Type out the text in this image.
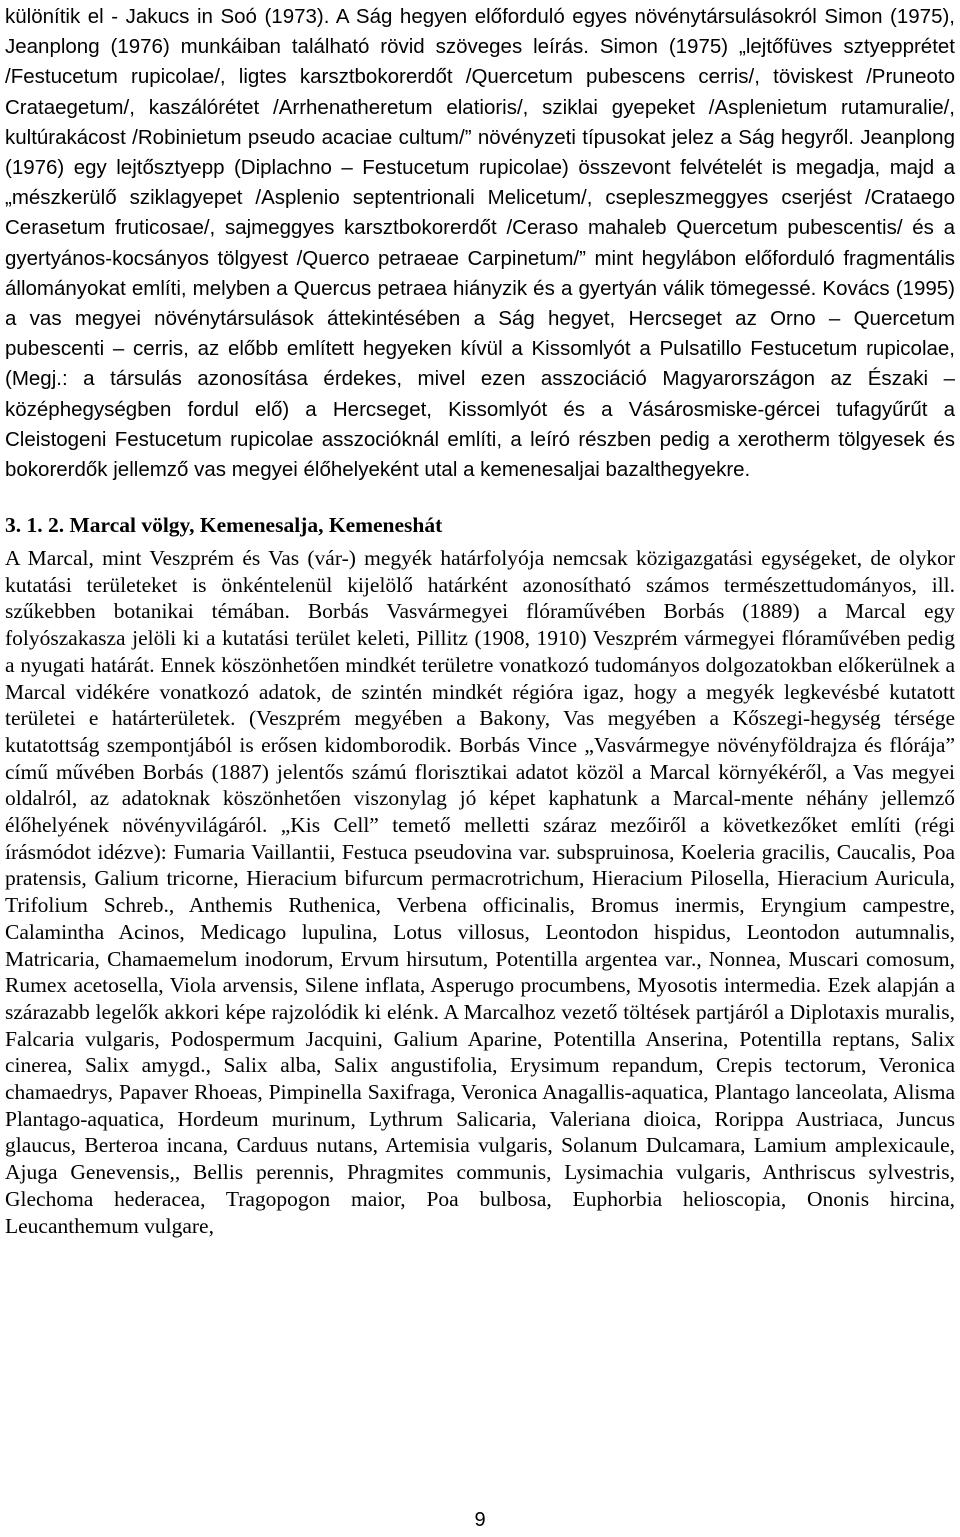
különítik el - Jakucs in Soó (1973). A Ság hegyen előforduló egyes növénytársulásokról Simon (1975), Jeanplong (1976) munkáiban található rövid szöveges leírás. Simon (1975) „lejtőfüves sztyepprétet /Festucetum rupicolae/, ligtes karsztbokorerdőt /Quercetum pubescens cerris/, töviskest /Pruneoto Crataegetum/, kaszálórétet /Arrhenatheretum elatioris/, sziklai gyepeket /Asplenietum rutamuralie/, kultúrakácost /Robinietum pseudo acaciae cultum/” növényzeti típusokat jelez a Ság hegyről. Jeanplong (1976) egy lejtősztyepp (Diplachno – Festucetum rupicolae) összevont felvételét is megadja, majd a „mészkerülő sziklagyepet /Asplenio septentrionali Melicetum/, csepleszmeggyes cserjést /Crataego Cerasetum fruticosae/, sajmeggyes karsztbokorerdőt /Ceraso mahaleb Quercetum pubescentis/ és a gyertyános-kocsányos tölgyest /Querco petraeae Carpinetum/” mint hegylábon előforduló fragmentális állományokat említi, melyben a Quercus petraea hiányzik és a gyertyán válik tömegessé. Kovács (1995) a vas megyei növénytársulások áttekintésében a Ság hegyet, Hercseget az Orno – Quercetum pubescenti – cerris, az előbb említett hegyeken kívül a Kissomlyót a Pulsatillo Festucetum rupicolae, (Megj.: a társulás azonosítása érdekes, mivel ezen asszociáció Magyarországon az Északi – középhegységben fordul elő) a Hercseget, Kissomlyót és a Vásárosmiske-gércei tufagyűrűt a Cleistogeni Festucetum rupicolae asszocióknál említi, a leíró részben pedig a xerotherm tölgyesek és bokorerdők jellemző vas megyei élőhelyeként utal a kemenesaljai bazalthegyekre.

3. 1. 2. Marcal völgy, Kemenesalja, Kemeneshát

A Marcal, mint Veszprém és Vas (vár-) megyék határfolyója nemcsak közigazgatási egységeket, de olykor kutatási területeket is önkéntelenül kijelölő határként azonosítható számos természettudományos, ill. szűkebben botanikai témában. Borbás Vasvármegyei flóraművében Borbás (1889) a Marcal egy folyószakasza jelöli ki a kutatási terület keleti, Pillitz (1908, 1910) Veszprém vármegyei flóraművében pedig a nyugati határát. Ennek köszönhetően mindkét területre vonatkozó tudományos dolgozatokban előkerülnek a Marcal vidékére vonatkozó adatok, de szintén mindkét régióra igaz, hogy a megyék legkevésbé kutatott területei e határterületek. (Veszprém megyében a Bakony, Vas megyében a Kőszegi-hegység térsége kutatottság szempontjából is erősen kidomborodik. Borbás Vince „Vasvármegye növényföldrajza és flórája” című művében Borbás (1887) jelentős számú florisztikai adatot közöl a Marcal környékéről, a Vas megyei oldalról, az adatoknak köszönhetően viszonylag jó képet kaphatunk a Marcal-mente néhány jellemző élőhelyének növényvilágáról. „Kis Cell” temető melletti száraz mezőiről a következőket említi (régi írásmódot idézve): Fumaria Vaillantii, Festuca pseudovina var. subspruinosa, Koeleria gracilis, Caucalis, Poa pratensis, Galium tricorne, Hieracium bifurcum permacrotrichum, Hieracium Pilosella, Hieracium Auricula, Trifolium Schreb., Anthemis Ruthenica, Verbena officinalis, Bromus inermis, Eryngium campestre, Calamintha Acinos, Medicago lupulina, Lotus villosus, Leontodon hispidus, Leontodon autumnalis, Matricaria, Chamaemelum inodorum, Ervum hirsutum, Potentilla argentea var., Nonnea, Muscari comosum, Rumex acetosella, Viola arvensis, Silene inflata, Asperugo procumbens, Myosotis intermedia. Ezek alapján a szárazabb legelők akkori képe rajzolódik ki elénk. A Marcalhoz vezető töltések partjáról a Diplotaxis muralis, Falcaria vulgaris, Podospermum Jacquini, Galium Aparine, Potentilla Anserina, Potentilla reptans, Salix cinerea, Salix amygd., Salix alba, Salix angustifolia, Erysimum repandum, Crepis tectorum, Veronica chamaedrys, Papaver Rhoeas, Pimpinella Saxifraga, Veronica Anagallis-aquatica, Plantago lanceolata, Alisma Plantago-aquatica, Hordeum murinum, Lythrum Salicaria, Valeriana dioica, Rorippa Austriaca, Juncus glaucus, Berteroa incana, Carduus nutans, Artemisia vulgaris, Solanum Dulcamara, Lamium amplexicaule, Ajuga Genevensis,, Bellis perennis, Phragmites communis, Lysimachia vulgaris, Anthriscus sylvestris, Glechoma hederacea, Tragopogon maior, Poa bulbosa, Euphorbia helioscopia, Ononis hircina, Leucanthemum vulgare,

9
